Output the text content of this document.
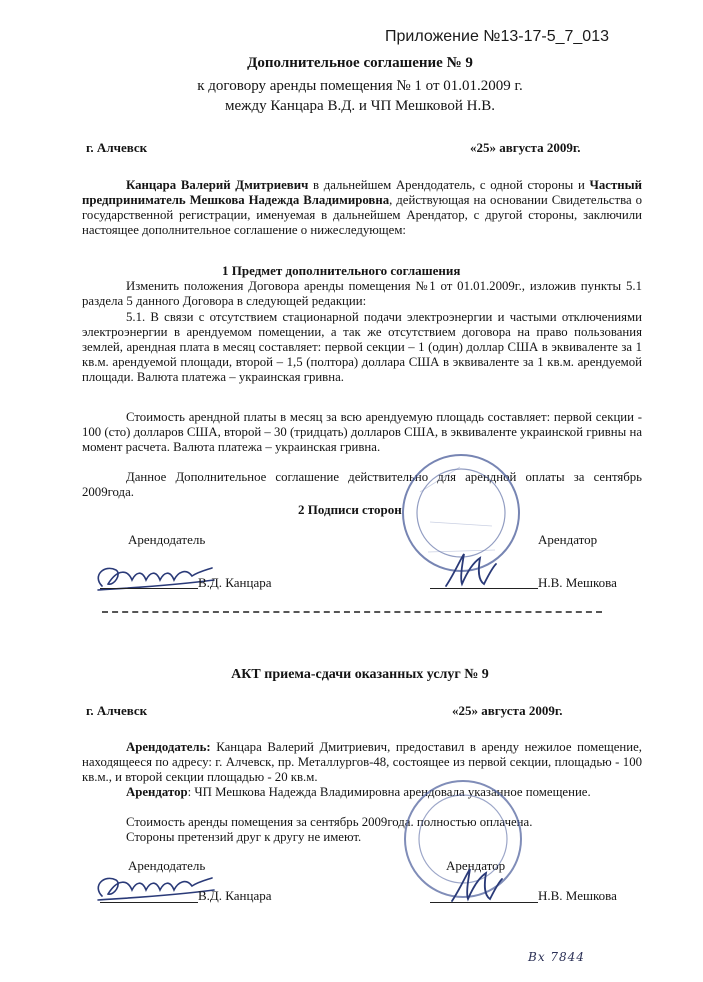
Приложение №13-17-5_7_013
Дополнительное соглашение № 9
к договору аренды помещения № 1 от 01.01.2009 г.
между Канцара В.Д. и ЧП Мешковой Н.В.
г. Алчевск	«25» августа 2009г.

Канцара Валерий Дмитриевич в дальнейшем Арендодатель, с одной стороны и Частный предприниматель Мешкова Надежда Владимировна, действующая на основании Свидетельства о государственной регистрации, именуемая в дальнейшем Арендатор, с другой стороны, заключили настоящее дополнительное соглашение о нижеследующем:

1 Предмет дополнительного соглашения

Изменить положения Договора аренды помещения №1 от 01.01.2009г., изложив пункты 5.1 раздела 5 данного Договора в следующей редакции:

5.1. В связи с отсутствием стационарной подачи электроэнергии и частыми отключениями электроэнергии в арендуемом помещении, а так же отсутствием договора на право пользования землей, арендная плата в месяц составляет: первой секции – 1 (один) доллар США в эквиваленте за 1 кв.м. арендуемой площади, второй – 1,5 (полтора) доллара США в эквиваленте за 1 кв.м. арендуемой площади. Валюта платежа – украинская гривна.

Стоимость арендной платы в месяц за всю арендуемую площадь составляет: первой секции - 100 (сто) долларов США, второй – 30 (тридцать) долларов США, в эквиваленте украинской гривны на момент расчета. Валюта платежа – украинская гривна.

Данное Дополнительное соглашение действительно для арендной оплаты за сентябрь 2009года.

2 Подписи сторон
Арендодатель	Арендатор
В.Д. Канцара	Н.В. Мешкова
АКТ приема-сдачи оказанных услуг № 9
г. Алчевск	«25» августа 2009г.

Арендодатель: Канцара Валерий Дмитриевич, предоставил в аренду нежилое помещение, находящееся по адресу: г. Алчевск, пр. Металлургов-48, состоящее из первой секции, площадью - 100 кв.м., и второй секции площадью - 20 кв.м.

Арендатор: ЧП Мешкова Надежда Владимировна арендовала указанное помещение.

Стоимость аренды помещения за сентябрь 2009года. полностью оплачена.

Стороны претензий друг к другу не имеют.

Арендодатель	Арендатор
В.Д. Канцара	Н.В. Мешкова
Вх 7844
